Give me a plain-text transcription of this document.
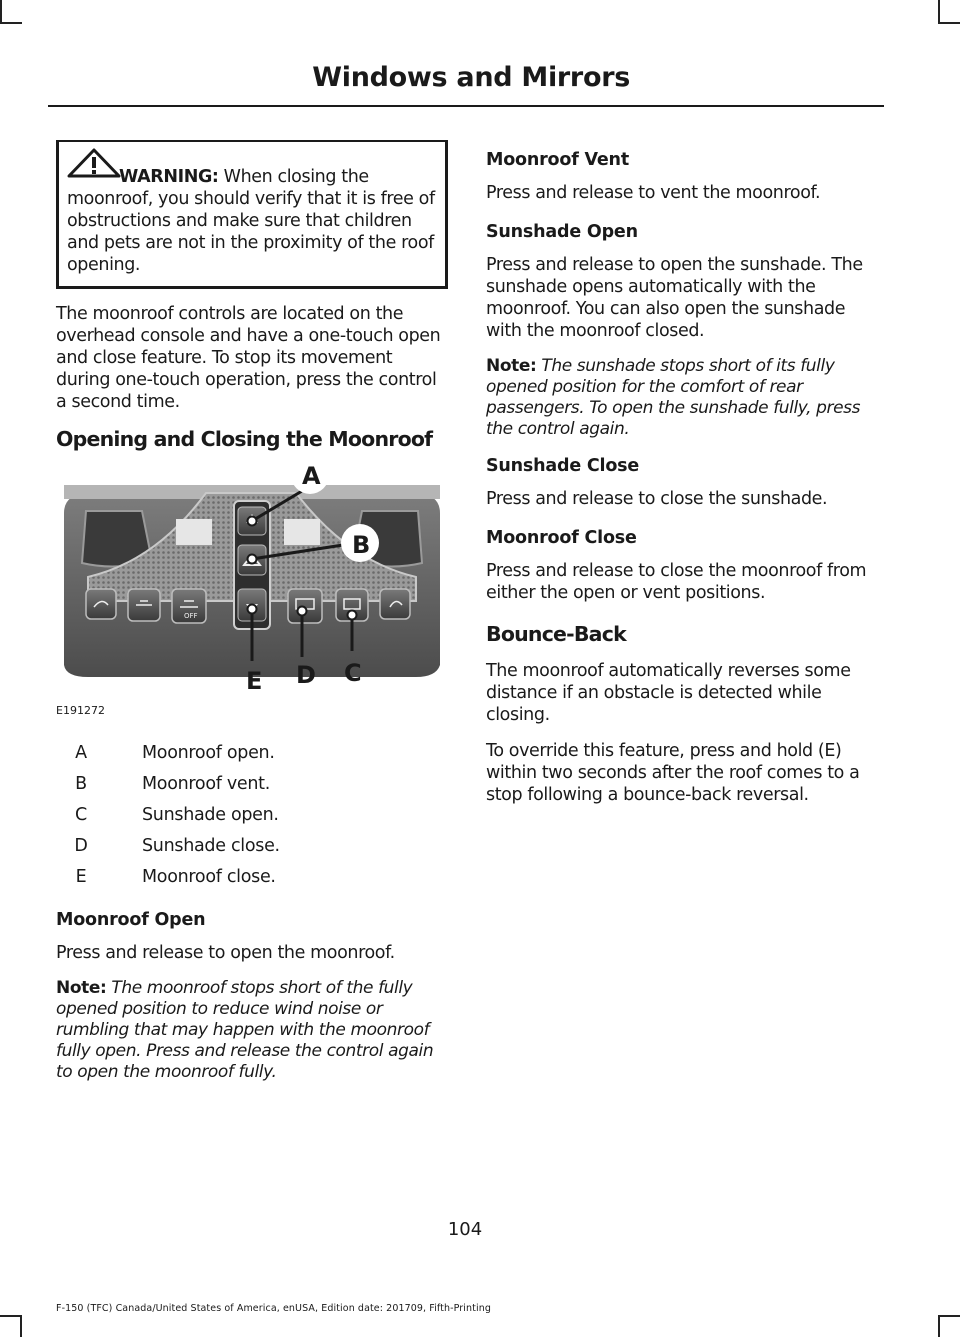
Windows and Mirrors

WARNING: When closing the moonroof, you should verify that it is free of obstructions and make sure that children and pets are not in the proximity of the roof opening.

The moonroof controls are located on the overhead console and have a one-touch open and close feature. To stop its movement during one-touch operation, press the control a second time.

Opening and Closing the Moonroof
OFF
A
B
C
D
E
E191272
A	Moonroof open.
B	Moonroof vent.
C	Sunshade open.
D	Sunshade close.
E	Moonroof close.
Moonroof Open

Press and release to open the moonroof.

Note: The moonroof stops short of the fully opened position to reduce wind noise or rumbling that may happen with the moonroof fully open. Press and release the control again to open the moonroof fully.

Moonroof Vent

Press and release to vent the moonroof.

Sunshade Open

Press and release to open the sunshade. The sunshade opens automatically with the moonroof. You can also open the sunshade with the moonroof closed.

Note: The sunshade stops short of its fully opened position for the comfort of rear passengers. To open the sunshade fully, press the control again.

Sunshade Close

Press and release to close the sunshade.

Moonroof Close

Press and release to close the moonroof from either the open or vent positions.

Bounce-Back

The moonroof automatically reverses some distance if an obstacle is detected while closing.

To override this feature, press and hold (E) within two seconds after the roof comes to a stop following a bounce-back reversal.

104
F-150 (TFC) Canada/United States of America, enUSA, Edition date: 201709, Fifth-Printing
